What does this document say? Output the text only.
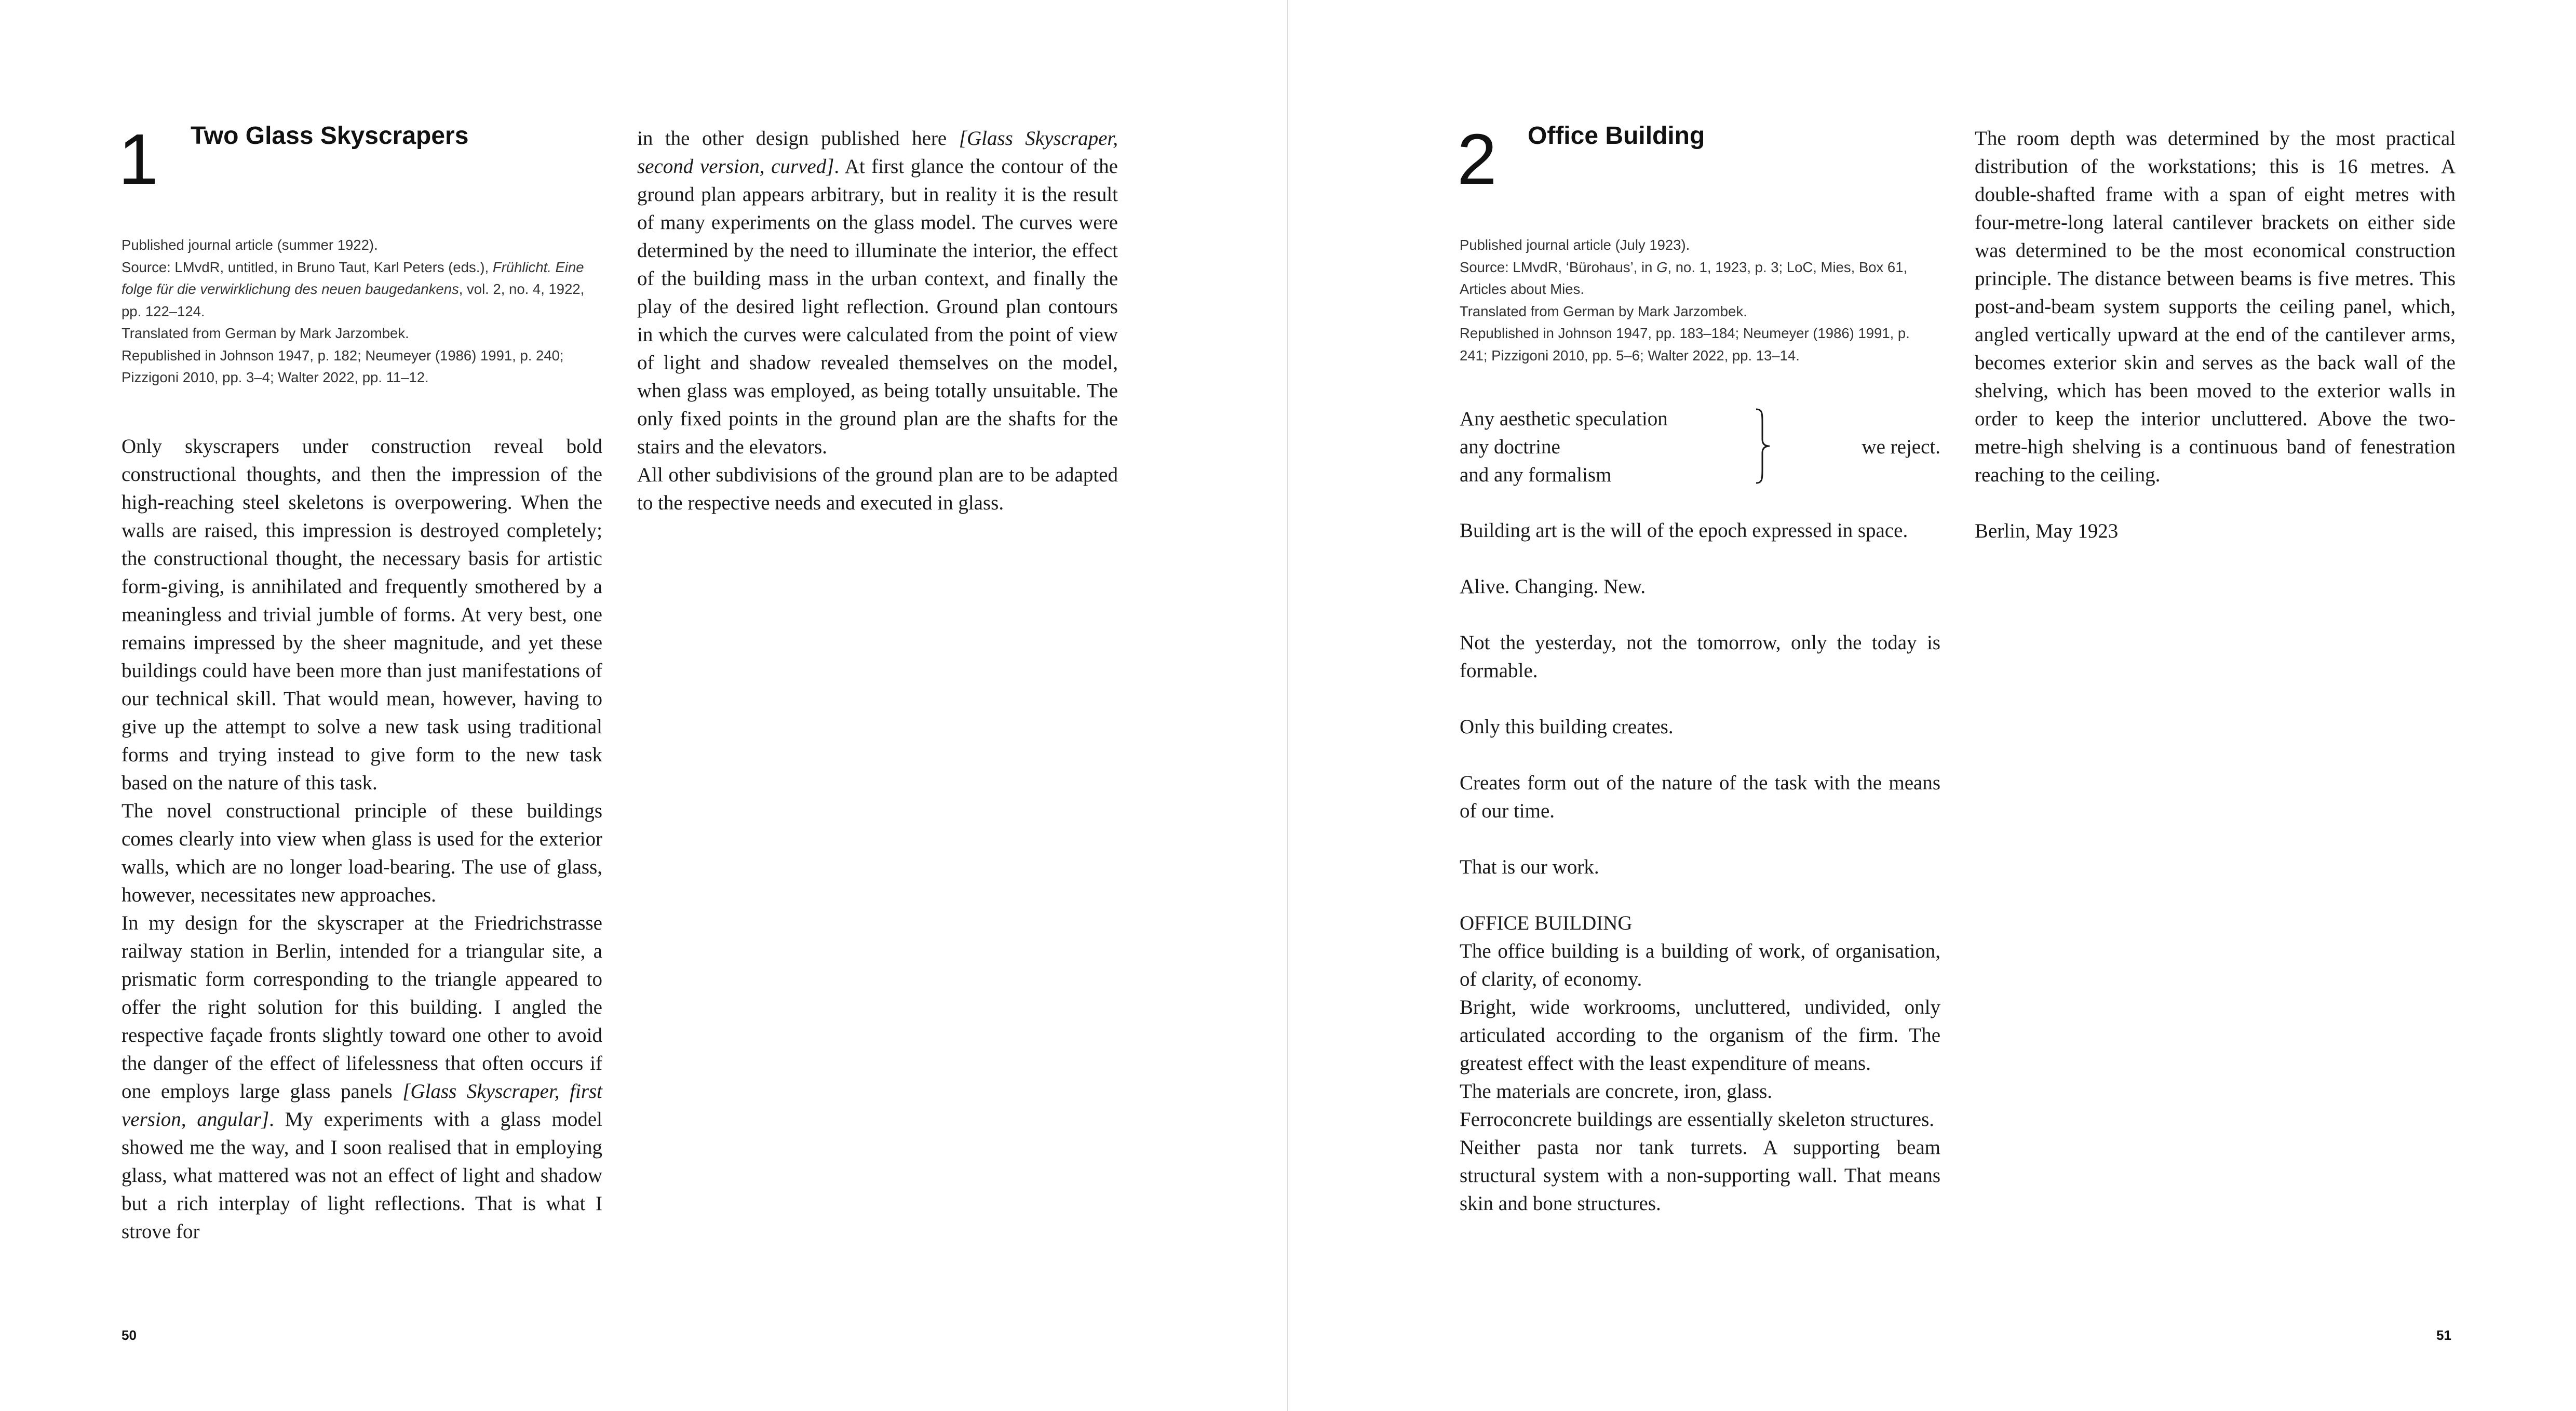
1 Two Glass Skyscrapers

Published journal article (summer 1922).

Source: LMvdR, untitled, in Bruno Taut, Karl Peters (eds.), Frühlicht. Eine folge für die verwirklichung des neuen baugedankens, vol. 2, no. 4, 1922, pp. 122–124.

Translated from German by Mark Jarzombek.

Republished in Johnson 1947, p. 182; Neumeyer (1986) 1991, p. 240; Pizzigoni 2010, pp. 3–4; Walter 2022, pp. 11–12.

Only skyscrapers under construction reveal bold constructional thoughts, and then the impression of the high-reaching steel skeletons is overpowering. When the walls are raised, this impression is destroyed completely; the constructional thought, the necessary basis for artistic form-giving, is annihilated and frequently smothered by a meaningless and trivial jumble of forms. At very best, one remains impressed by the sheer magnitude, and yet these buildings could have been more than just manifestations of our technical skill. That would mean, however, having to give up the attempt to solve a new task using traditional forms and trying instead to give form to the new task based on the nature of this task.

The novel constructional principle of these buildings comes clearly into view when glass is used for the exterior walls, which are no longer load-bearing. The use of glass, however, necessitates new approaches.

In my design for the skyscraper at the Friedrichstrasse railway station in Berlin, intended for a triangular site, a prismatic form corresponding to the triangle appeared to offer the right solution for this building. I angled the respective façade fronts slightly toward one other to avoid the danger of the effect of lifelessness that often occurs if one employs large glass panels [Glass Skyscraper, first version, angular]. My experiments with a glass model showed me the way, and I soon realised that in employing glass, what mattered was not an effect of light and shadow but a rich interplay of light reflections. That is what I strove for

in the other design published here [Glass Skyscraper, second version, curved]. At first glance the contour of the ground plan appears arbitrary, but in reality it is the result of many experiments on the glass model. The curves were determined by the need to illuminate the interior, the effect of the building mass in the urban context, and finally the play of the desired light reflection. Ground plan contours in which the curves were calculated from the point of view of light and shadow revealed themselves on the model, when glass was employed, as being totally unsuitable. The only fixed points in the ground plan are the shafts for the stairs and the elevators.

All other subdivisions of the ground plan are to be adapted to the respective needs and executed in glass.

50
2 Office Building

Published journal article (July 1923).

Source: LMvdR, ‘Bürohaus’, in G, no. 1, 1923, p. 3; LoC, Mies, Box 61, Articles about Mies.

Translated from German by Mark Jarzombek.

Republished in Johnson 1947, pp. 183–184; Neumeyer (1986) 1991, p. 241; Pizzigoni 2010, pp. 5–6; Walter 2022, pp. 13–14.

Any aesthetic speculation
any doctrine
and any formalism
we reject.

Building art is the will of the epoch expressed in space.

Alive. Changing. New.

Not the yesterday, not the tomorrow, only the today is formable.

Only this building creates.

Creates form out of the nature of the task with the means of our time.

That is our work.

OFFICE BUILDING

The office building is a building of work, of organisation, of clarity, of economy.

Bright, wide workrooms, uncluttered, undivided, only articulated according to the organism of the firm. The greatest effect with the least expenditure of means.

The materials are concrete, iron, glass.

Ferroconcrete buildings are essentially skeleton structures.

Neither pasta nor tank turrets. A supporting beam structural system with a non-supporting wall. That means skin and bone structures.

The room depth was determined by the most practical distribution of the workstations; this is 16 metres. A double-shafted frame with a span of eight metres with four-metre-long lateral cantilever brackets on either side was determined to be the most economical construction principle. The distance between beams is five metres. This post-and-beam system supports the ceiling panel, which, angled vertically upward at the end of the cantilever arms, becomes exterior skin and serves as the back wall of the shelving, which has been moved to the exterior walls in order to keep the interior uncluttered. Above the two-metre-high shelving is a continuous band of fenestration reaching to the ceiling.

Berlin, May 1923

51
